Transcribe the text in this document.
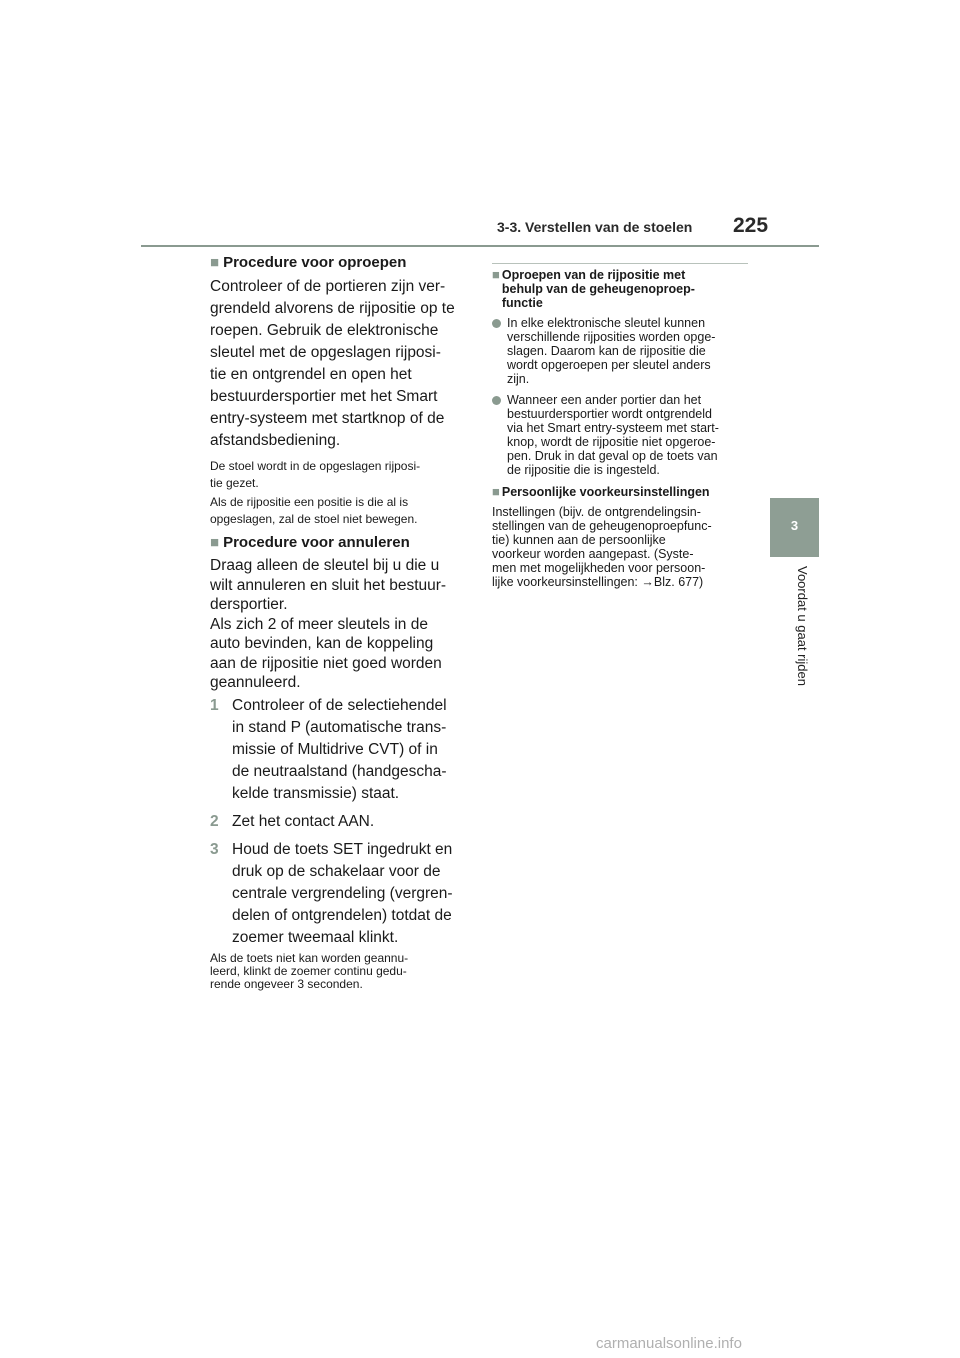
3-3. Verstellen van de stoelen 225
3
Voordat u gaat rijden
■ Procedure voor oproepen

Controleer of de portieren zijn ver-

grendeld alvorens de rijpositie op te

roepen. Gebruik de elektronische

sleutel met de opgeslagen rijposi-

tie en ontgrendel en open het

bestuurdersportier met het Smart

entry-systeem met startknop of de

afstandsbediening.

De stoel wordt in de opgeslagen rijposi-

tie gezet.

Als de rijpositie een positie is die al is

opgeslagen, zal de stoel niet bewegen.

■ Procedure voor annuleren

Draag alleen de sleutel bij u die u

wilt annuleren en sluit het bestuur-

dersportier.

Als zich 2 of meer sleutels in de

auto bevinden, kan de koppeling

aan de rijpositie niet goed worden

geannuleerd.

1 Controleer of de selectiehendel
in stand P (automatische trans-
missie of Multidrive CVT) of in
de neutraalstand (handgescha-
kelde transmissie) staat.
2 Zet het contact AAN.
3 Houd de toets SET ingedrukt en
druk op de schakelaar voor de
centrale vergrendeling (vergren-
delen of ontgrendelen) totdat de
zoemer tweemaal klinkt.

Als de toets niet kan worden geannu-

leerd, klinkt de zoemer continu gedu-

rende ongeveer 3 seconden.

■ Oproepen van de rijpositie met
behulp van de geheugenoproep-
functie
In elke elektronische sleutel kunnen
verschillende rijposities worden opge-
slagen. Daarom kan de rijpositie die
wordt opgeroepen per sleutel anders
zijn.
Wanneer een ander portier dan het
bestuurdersportier wordt ontgrendeld
via het Smart entry-systeem met start-
knop, wordt de rijpositie niet opgeroe-
pen. Druk in dat geval op de toets van
de rijpositie die is ingesteld.
■ Persoonlijke voorkeursinstellingen

Instellingen (bijv. de ontgrendelingsin-

stellingen van de geheugenoproepfunc-

tie) kunnen aan de persoonlijke

voorkeur worden aangepast. (Syste-

men met mogelijkheden voor persoon-

lijke voorkeursinstellingen: →Blz. 677)

carmanualsonline.info
